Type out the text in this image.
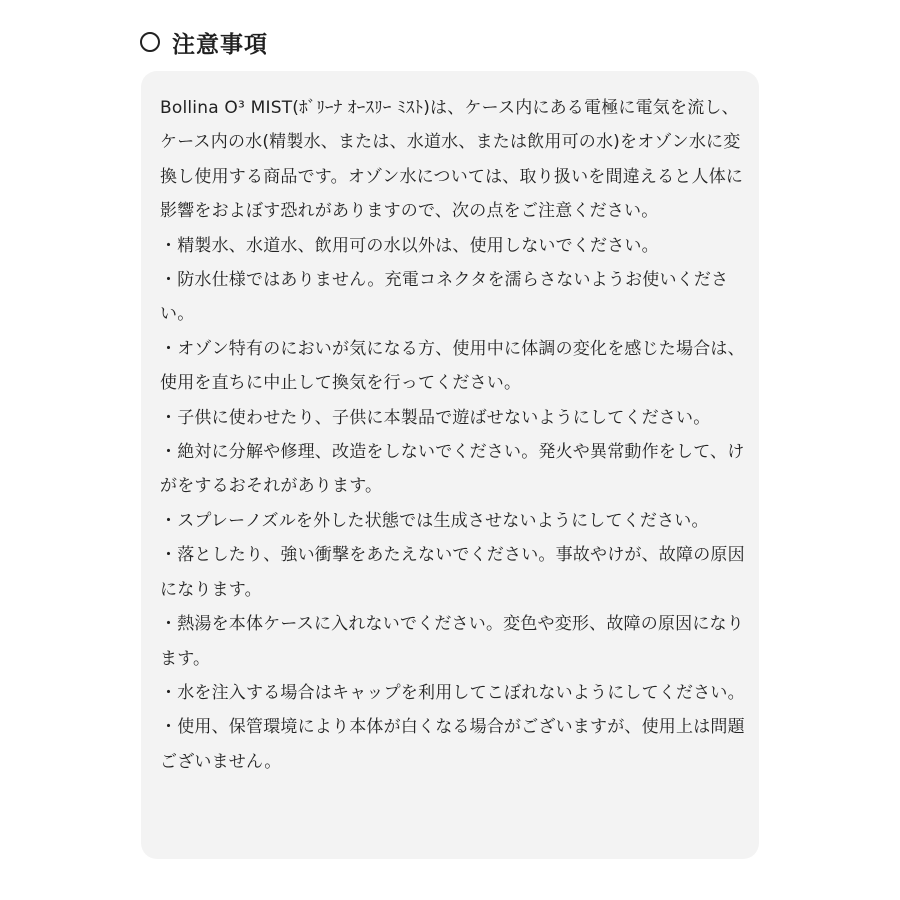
注意事項

Bollina O³ MIST(ﾎﾞﾘｰﾅ ｵｰｽﾘｰ ﾐｽﾄ)は、ケース内にある電極に電気を流し、ケース内の水(精製水、または、水道水、または飲用可の水)をオゾン水に変換し使用する商品です。オゾン水については、取り扱いを間違えると人体に影響をおよぼす恐れがありますので、次の点をご注意ください。

・精製水、水道水、飲用可の水以外は、使用しないでください。

・防水仕様ではありません。充電コネクタを濡らさないようお使いください。

・オゾン特有のにおいが気になる方、使用中に体調の変化を感じた場合は、使用を直ちに中止して換気を行ってください。

・子供に使わせたり、子供に本製品で遊ばせないようにしてください。

・絶対に分解や修理、改造をしないでください。発火や異常動作をして、けがをするおそれがあります。

・スプレーノズルを外した状態では生成させないようにしてください。

・落としたり、強い衝撃をあたえないでください。事故やけが、故障の原因になります。

・熱湯を本体ケースに入れないでください。変色や変形、故障の原因になります。

・水を注入する場合はキャップを利用してこぼれないようにしてください。

・使用、保管環境により本体が白くなる場合がございますが、使用上は問題ございません。
